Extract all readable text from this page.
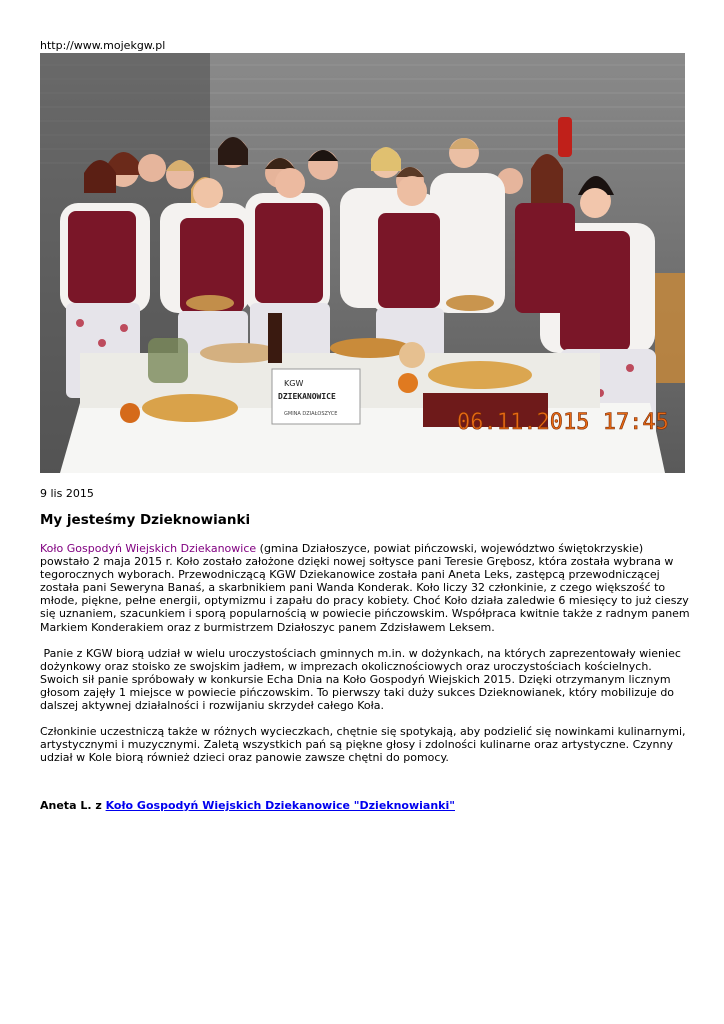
http://www.mojekgw.pl
KGW
DZIEKANOWICE
GMINA DZIAŁOSZYCE	06.11.2015 17:45
9 lis 2015
My jesteśmy Dzieknowianki

Koło Gospodyń Wiejskich Dziekanowice (gmina Działoszyce, powiat pińczowski, województwo świętokrzyskie) powstało 2 maja 2015 r. Koło zostało założone dzięki nowej sołtysce pani Teresie Grębosz, która została wybrana w tegorocznych wyborach. Przewodniczącą KGW Dziekanowice została pani Aneta Leks, zastępcą przewodniczącej została pani Seweryna Banaś, a skarbnikiem pani Wanda Konderak. Koło liczy 32 członkinie, z czego większość to młode, piękne, pełne energii, optymizmu i zapału do pracy kobiety. Choć Koło działa zaledwie 6 miesięcy to już cieszy się uznaniem, szacunkiem i sporą popularnością w powiecie pińczowskim. Współpraca kwitnie także z radnym panem Markiem Konderakiem oraz z burmistrzem Działoszyc panem Zdzisławem Leksem.

Panie z KGW biorą udział w wielu uroczystościach gminnych m.in. w dożynkach, na których zaprezentowały wieniec dożynkowy oraz stoisko ze swojskim jadłem, w imprezach okolicznościowych oraz uroczystościach kościelnych. Swoich sił panie spróbowały w konkursie Echa Dnia na Koło Gospodyń Wiejskich 2015. Dzięki otrzymanym licznym głosom zajęły 1 miejsce w powiecie pińczowskim. To pierwszy taki duży sukces Dzieknowianek, który mobilizuje do dalszej aktywnej działalności i rozwijaniu skrzydeł całego Koła.

Członkinie uczestniczą także w różnych wycieczkach, chętnie się spotykają, aby podzielić się nowinkami kulinarnymi, artystycznymi i muzycznymi. Zaletą wszystkich pań są piękne głosy i zdolności kulinarne oraz artystyczne. Czynny udział w Kole biorą również dzieci oraz panowie zawsze chętni do pomocy.

Aneta L. z Koło Gospodyń Wiejskich Dziekanowice "Dzieknowianki"
